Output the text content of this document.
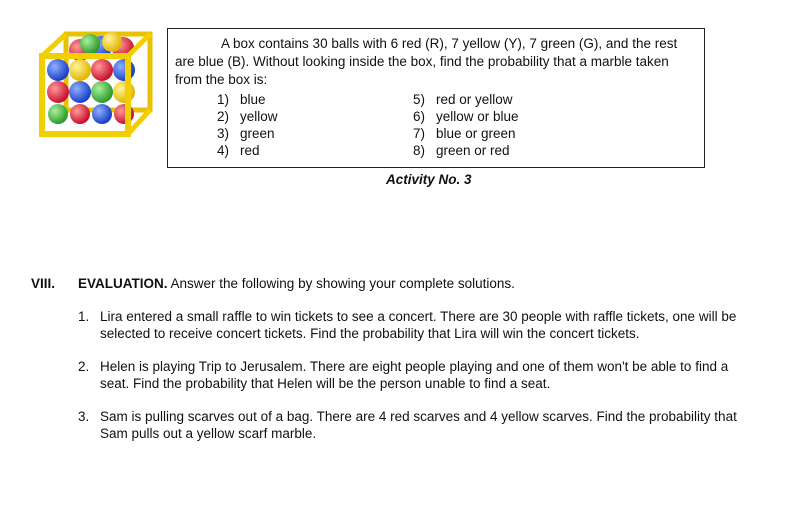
A box contains 30 balls with 6 red (R), 7 yellow (Y), 7 green (G), and the rest are blue (B). Without looking inside the box, find the probability that a marble taken from the box is:

1) blue
2) yellow
3) green
4) red
5) red or yellow
6) yellow or blue
7) blue or green
8) green or red
Activity No. 3
VIII. EVALUATION. Answer the following by showing your complete solutions.
1. Lira entered a small raffle to win tickets to see a concert. There are 30 people with raffle tickets, one will be selected to receive concert tickets. Find the probability that Lira will win the concert tickets.
2. Helen is playing Trip to Jerusalem. There are eight people playing and one of them won't be able to find a seat. Find the probability that Helen will be the person unable to find a seat.
3. Sam is pulling scarves out of a bag. There are 4 red scarves and 4 yellow scarves. Find the probability that Sam pulls out a yellow scarf marble.
